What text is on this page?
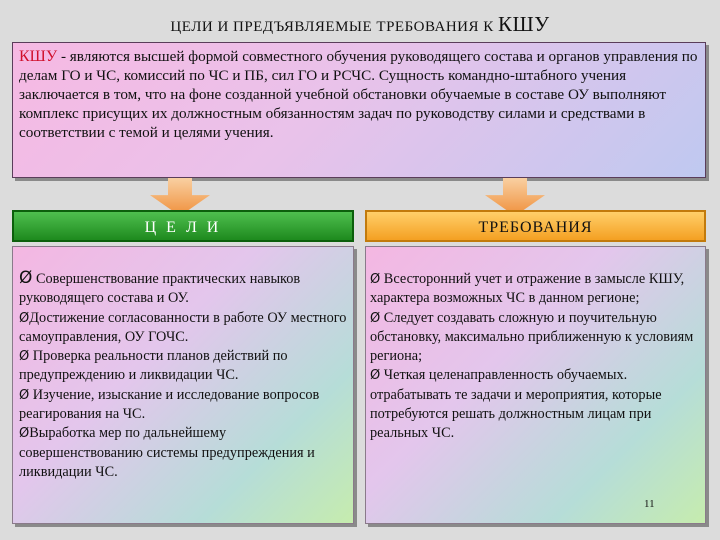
ЦЕЛИ И ПРЕДЪЯВЛЯЕМЫЕ ТРЕБОВАНИЯ К КШУ
КШУ - являются высшей формой совместного обучения руководящего состава и органов управления по делам ГО и ЧС, комиссий по ЧС и ПБ, сил ГО и РСЧС. Сущность командно-штабного учения заключается в том, что на фоне созданной учебной обстановки обучаемые в составе ОУ выполняют комплекс присущих их должностным обязанностям задач по руководству силами и средствами в соответствии с темой и целями учения.
Ц Е Л И	ТРЕБОВАНИЯ

Ø Совершенствование практических навыков руководящего состава и ОУ.

ØДостижение согласованности в работе ОУ местного самоуправления, ОУ ГОЧС.

Ø Проверка реальности планов действий по предупреждению и ликвидации ЧС.

Ø Изучение, изыскание и исследование вопросов реагирования на ЧС.

ØВыработка мер по дальнейшему совершенствованию системы предупреждения и ликвидации ЧС.

Ø Всесторонний учет и отражение в замысле КШУ, характера возможных ЧС в данном регионе;

Ø Следует создавать сложную и поучительную обстановку, максимально приближенную к условиям региона;

Ø Четкая целенаправленность обучаемых. отрабатывать те задачи и мероприятия, которые потребуются решать должностным лицам при реальных ЧС.

11
